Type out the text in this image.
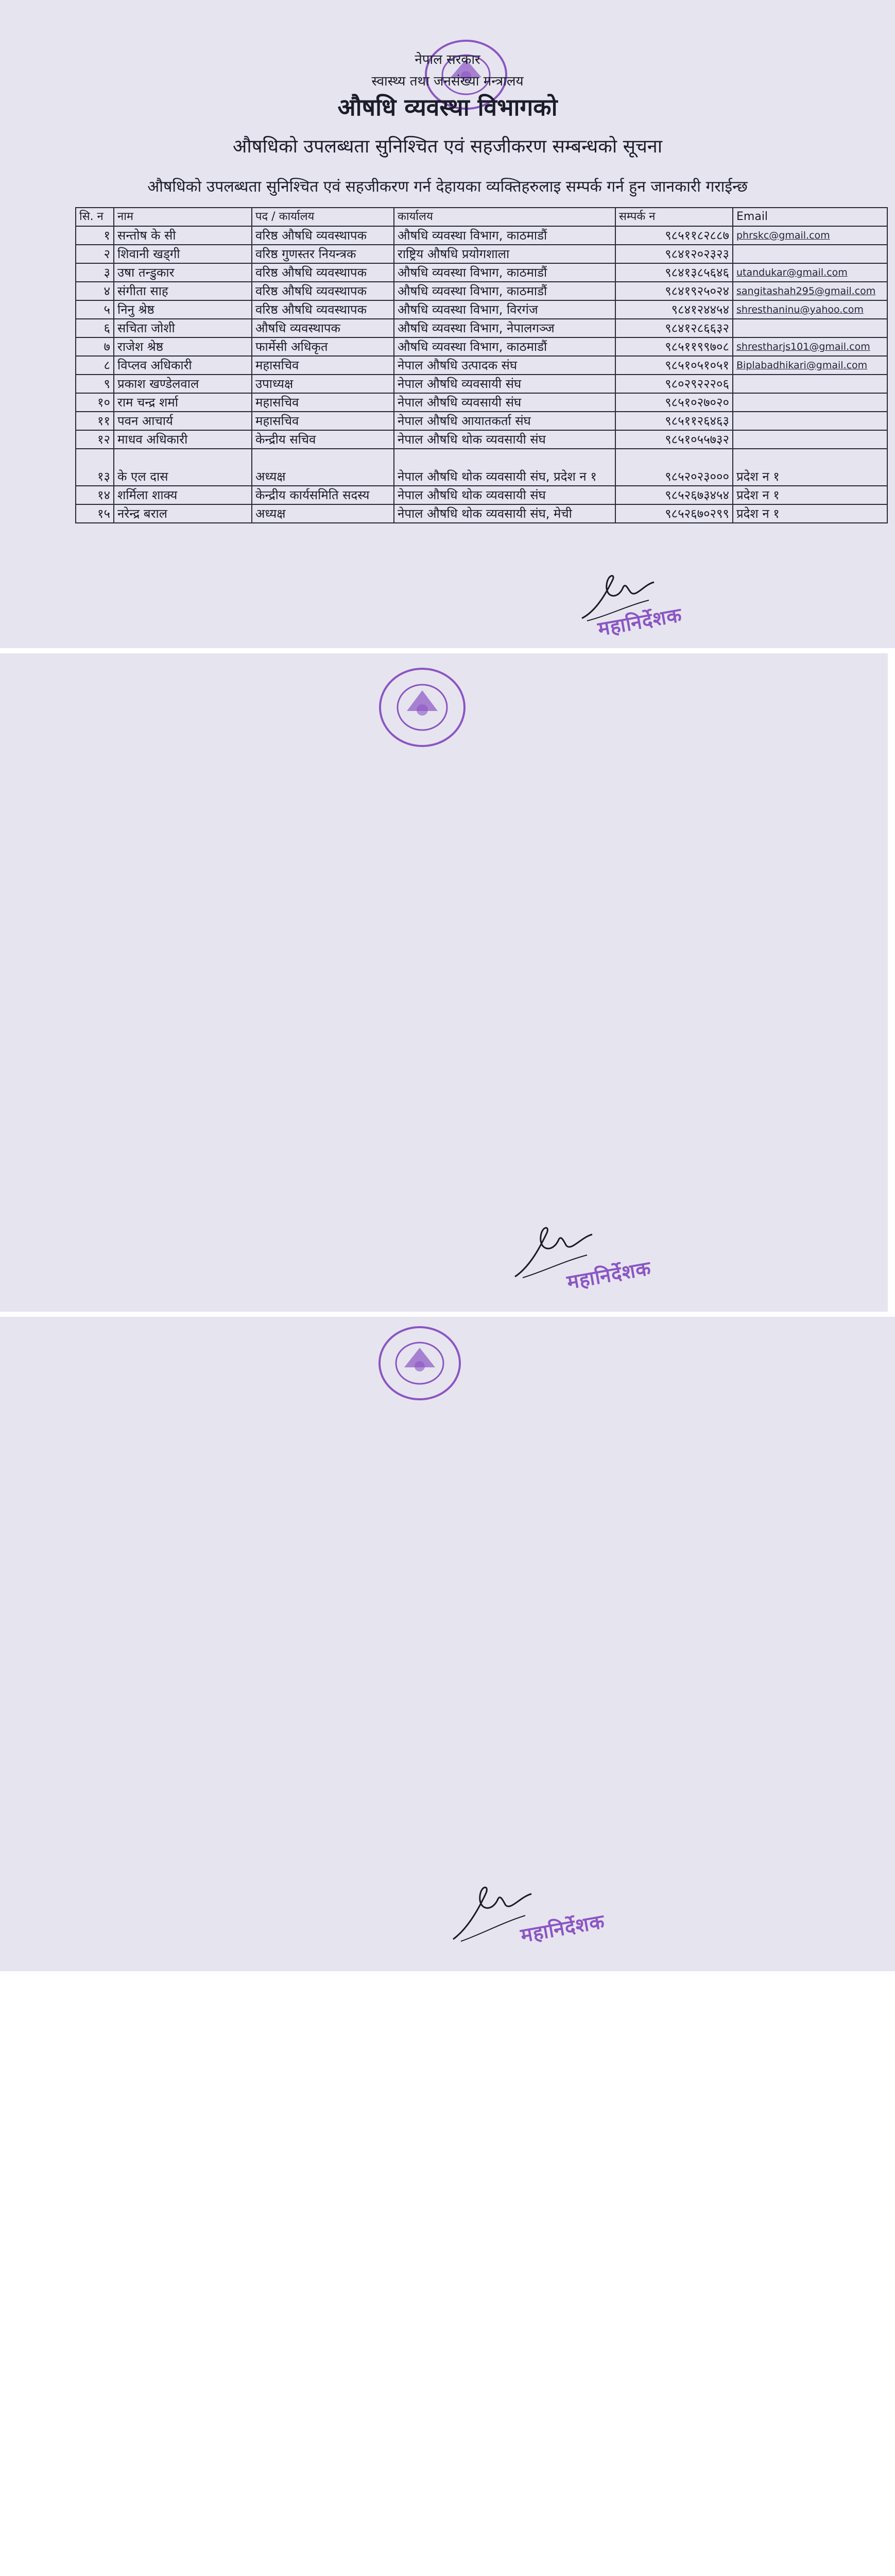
नेपाल सरकार
स्वास्थ्य तथा जनसंख्या मन्त्रालय
औषधि व्यवस्था विभागको
औषधिको उपलब्धता सुनिश्चित एवं सहजीकरण सम्बन्धको सूचना
औषधिको उपलब्धता सुनिश्चित एवं सहजीकरण गर्न देहायका व्यक्तिहरुलाइ सम्पर्क गर्न हुन जानकारी गराईन्छ
सि. न	नाम	पद / कार्यालय	कार्यालय	सम्पर्क न	Email
१	सन्तोष के सी	वरिष्ठ औषधि व्यवस्थापक	औषधि व्यवस्था विभाग, काठमाडौं	९८५११८२८८७	phrskc@gmail.com
२	शिवानी खड्गी	वरिष्ठ गुणस्तर नियन्त्रक	राष्ट्रिय औषधि प्रयोगशाला	९८४१२०२३२३	
३	उषा तन्डुकार	वरिष्ठ औषधि व्यवस्थापक	औषधि व्यवस्था विभाग, काठमाडौं	९८४१३८५६४६	utandukar@gmail.com
४	संगीता साह	वरिष्ठ औषधि व्यवस्थापक	औषधि व्यवस्था विभाग, काठमाडौं	९८४१९२५०२४	sangitashah295@gmail.com
५	निनु श्रेष्ठ	वरिष्ठ औषधि व्यवस्थापक	औषधि व्यवस्था विभाग, विरगंज	९८४१२४४५४	shresthaninu@yahoo.com
६	सचिता जोशी	औषधि व्यवस्थापक	औषधि व्यवस्था विभाग, नेपालगञ्ज	९८४१२८६६३२	
७	राजेश श्रेष्ठ	फार्मेसी अधिकृत	औषधि व्यवस्था विभाग, काठमाडौं	९८५११९९७०८	shrestharjs101@gmail.com
८	विप्लव अधिकारी	महासचिव	नेपाल औषधि उत्पादक संघ	९८५१०५१०५१	Biplabadhikari@gmail.com
९	प्रकाश खण्डेलवाल	उपाध्यक्ष	नेपाल औषधि व्यवसायी संघ	९८०२९२२२०६	
१०	राम चन्द्र शर्मा	महासचिव	नेपाल औषधि व्यवसायी संघ	९८५१०२७०२०	
११	पवन आचार्य	महासचिव	नेपाल औषधि आयातकर्ता संघ	९८५११२६४६३	
१२	माधव अधिकारी	केन्द्रीय सचिव	नेपाल औषधि थोक व्यवसायी संघ	९८५१०५५७३२	
१३	के एल दास	अध्यक्ष	नेपाल औषधि थोक व्यवसायी संघ, प्रदेश न १	९८५२०२३०००	प्रदेश न १
१४	शर्मिला शाक्य	केन्द्रीय कार्यसमिति सदस्य	नेपाल औषधि थोक व्यवसायी संघ	९८५२६७३४५४	प्रदेश न १
१५	नरेन्द्र बराल	अध्यक्ष	नेपाल औषधि थोक व्यवसायी संघ, मेची	९८५२६७०२९९	प्रदेश न १
महानिर्देशक

महानिर्देशक

महानिर्देशक
